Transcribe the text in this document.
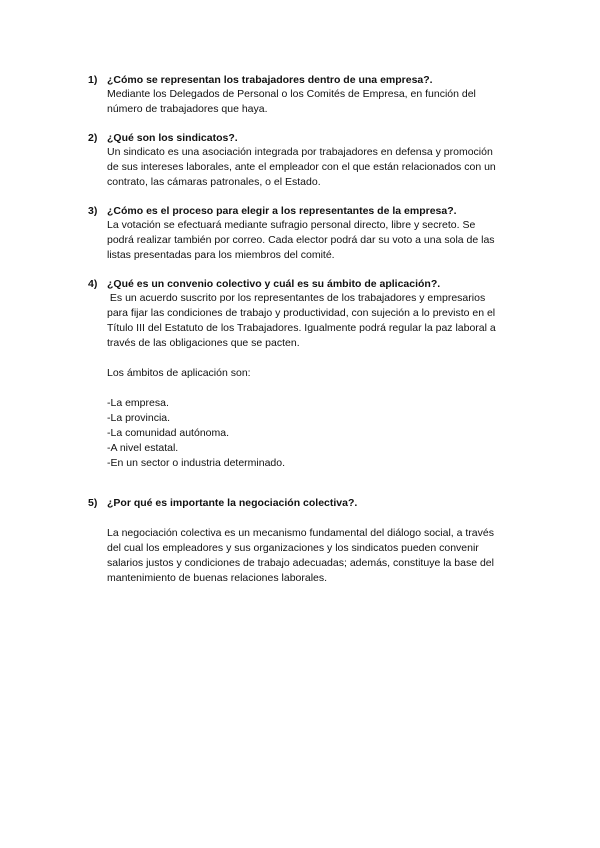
1) ¿Cómo se representan los trabajadores dentro de una empresa?.

Mediante los Delegados de Personal o los Comités de Empresa, en función del

número de trabajadores que haya.

2) ¿Qué son los sindicatos?.

Un sindicato es una asociación integrada por trabajadores en defensa y promoción

de sus intereses laborales, ante el empleador con el que están relacionados con un

contrato, las cámaras patronales, o el Estado.

3) ¿Cómo es el proceso para elegir a los representantes de la empresa?.

La votación se efectuará mediante sufragio personal directo, libre y secreto. Se

podrá realizar también por correo. Cada elector podrá dar su voto a una sola de las

listas presentadas para los miembros del comité.

4) ¿Qué es un convenio colectivo y cuál es su ámbito de aplicación?.

Es un acuerdo suscrito por los representantes de los trabajadores y empresarios

para fijar las condiciones de trabajo y productividad, con sujeción a lo previsto en el

Título III del Estatuto de los Trabajadores. Igualmente podrá regular la paz laboral a

través de las obligaciones que se pacten.

Los ámbitos de aplicación son:

-La empresa.

-La provincia.

-La comunidad autónoma.

-A nivel estatal.

-En un sector o industria determinado.

5) ¿Por qué es importante la negociación colectiva?.

La negociación colectiva es un mecanismo fundamental del diálogo social, a través

del cual los empleadores y sus organizaciones y los sindicatos pueden convenir

salarios justos y condiciones de trabajo adecuadas; además, constituye la base del

mantenimiento de buenas relaciones laborales.
